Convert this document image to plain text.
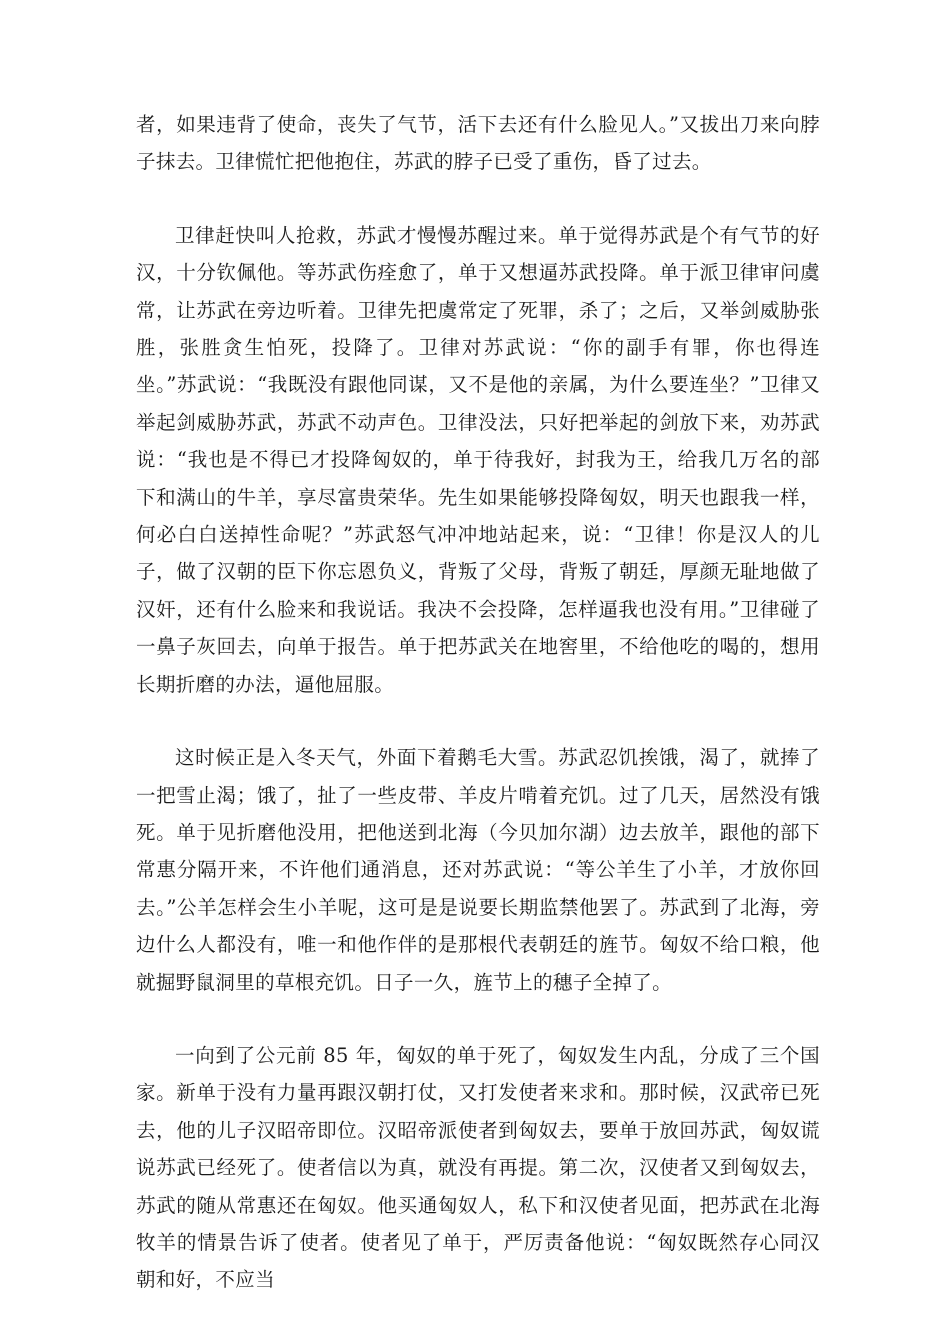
者，如果违背了使命，丧失了气节，活下去还有什么脸见人。”又拔出刀来向脖子抹去。卫律慌忙把他抱住，苏武的脖子已受了重伤，昏了过去。

卫律赶快叫人抢救，苏武才慢慢苏醒过来。单于觉得苏武是个有气节的好汉，十分钦佩他。等苏武伤痊愈了，单于又想逼苏武投降。单于派卫律审问虞常，让苏武在旁边听着。卫律先把虞常定了死罪，杀了；之后，又举剑威胁张胜，张胜贪生怕死，投降了。卫律对苏武说：“你的副手有罪，你也得连坐。”苏武说：“我既没有跟他同谋，又不是他的亲属，为什么要连坐？”卫律又举起剑威胁苏武，苏武不动声色。卫律没法，只好把举起的剑放下来，劝苏武说：“我也是不得已才投降匈奴的，单于待我好，封我为王，给我几万名的部下和满山的牛羊，享尽富贵荣华。先生如果能够投降匈奴，明天也跟我一样，何必白白送掉性命呢？”苏武怒气冲冲地站起来，说：“卫律！你是汉人的儿子，做了汉朝的臣下你忘恩负义，背叛了父母，背叛了朝廷，厚颜无耻地做了汉奸，还有什么脸来和我说话。我决不会投降，怎样逼我也没有用。”卫律碰了一鼻子灰回去，向单于报告。单于把苏武关在地窖里，不给他吃的喝的，想用长期折磨的办法，逼他屈服。

这时候正是入冬天气，外面下着鹅毛大雪。苏武忍饥挨饿，渴了，就捧了一把雪止渴；饿了，扯了一些皮带、羊皮片啃着充饥。过了几天，居然没有饿死。单于见折磨他没用，把他送到北海（今贝加尔湖）边去放羊，跟他的部下常惠分隔开来，不许他们通消息，还对苏武说：“等公羊生了小羊，才放你回去。”公羊怎样会生小羊呢，这可是是说要长期监禁他罢了。苏武到了北海，旁边什么人都没有，唯一和他作伴的是那根代表朝廷的旌节。匈奴不给口粮，他就掘野鼠洞里的草根充饥。日子一久，旌节上的穗子全掉了。

一向到了公元前 85 年，匈奴的单于死了，匈奴发生内乱，分成了三个国家。新单于没有力量再跟汉朝打仗，又打发使者来求和。那时候，汉武帝已死去，他的儿子汉昭帝即位。汉昭帝派使者到匈奴去，要单于放回苏武，匈奴谎说苏武已经死了。使者信以为真，就没有再提。第二次，汉使者又到匈奴去，苏武的随从常惠还在匈奴。他买通匈奴人，私下和汉使者见面，把苏武在北海牧羊的情景告诉了使者。使者见了单于，严厉责备他说：“匈奴既然存心同汉朝和好，不应当
